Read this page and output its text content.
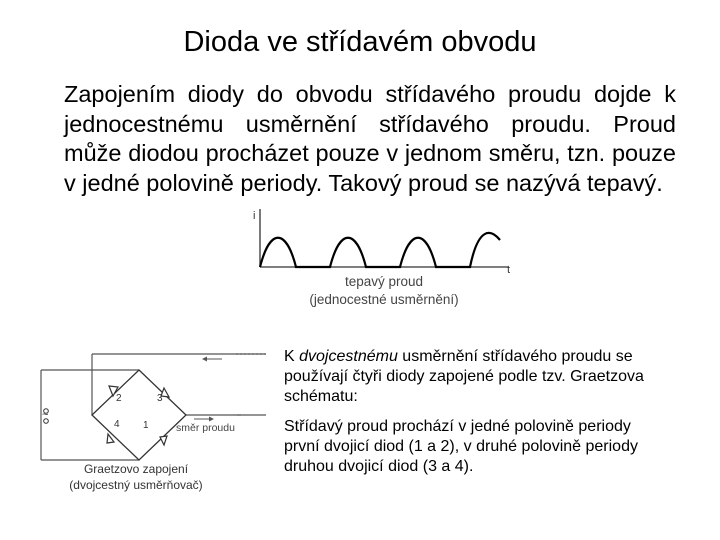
Dioda ve střídavém obvodu

Zapojením diody do obvodu střídavého proudu dojde k jednocestnému usměrnění střídavého proudu. Proud může diodou procházet pouze v jednom směru, tzn. pouze v jedné polovině periody. Takový proud se nazývá tepavý.

i
t
tepavý proud
(jednocestné usměrnění)
~
2	3
4 1	směr proudu
Graetzovo zapojení
(dvojcestný usměrňovač)

K dvojcestnému usměrnění střídavého proudu se používají čtyři diody zapojené podle tzv. Graetzova schématu:

Střídavý proud prochází v jedné polovině periody první dvojicí diod (1 a 2), v druhé polovině periody druhou dvojicí diod (3 a 4).
